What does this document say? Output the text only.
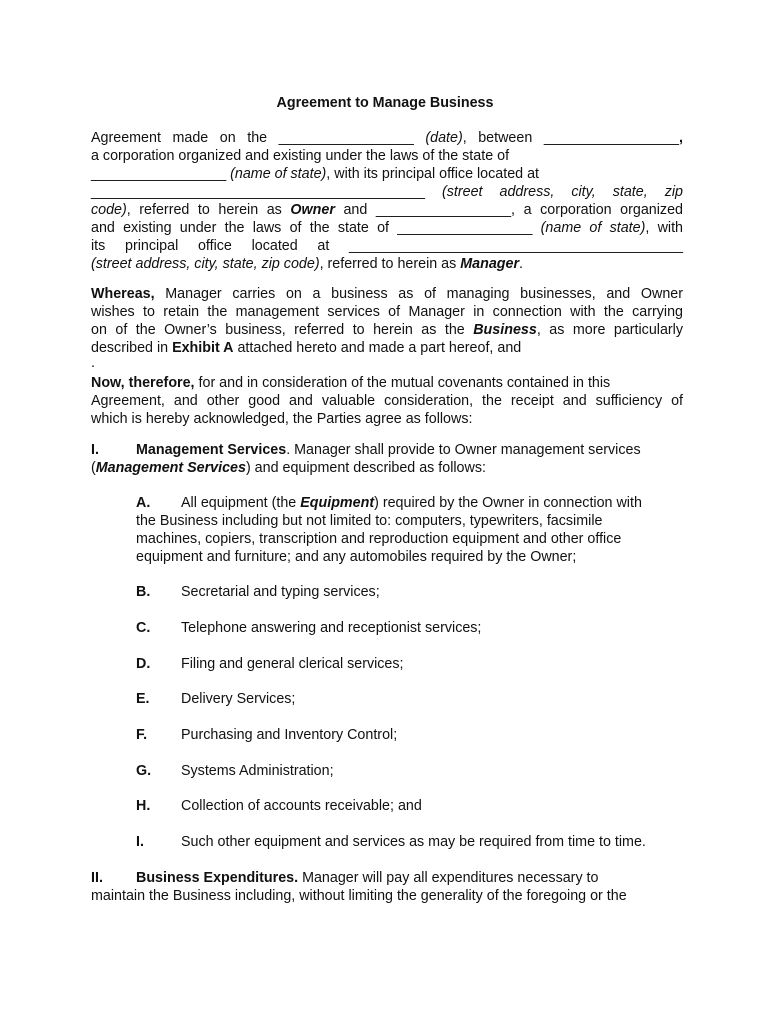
Agreement to Manage Business
Agreement made on the _________________ (date), between _________________,
a corporation organized and existing under the laws of the state of
_________________ (name of state), with its principal office located at
__________________________________________ (street address, city, state, zip
code), referred to herein as Owner and _________________, a corporation organized
and existing under the laws of the state of _________________ (name of state), with
its principal office located at __________________________________________
(street address, city, state, zip code), referred to herein as Manager.
Whereas, Manager carries on a business as of managing businesses, and Owner
wishes to retain the management services of Manager in connection with the carrying
on of the Owner’s business, referred to herein as the Business, as more particularly
described in Exhibit A attached hereto and made a part hereof, and
.
Now, therefore, for and in consideration of the mutual covenants contained in this
Agreement, and other good and valuable consideration, the receipt and sufficiency of
which is hereby acknowledged, the Parties agree as follows:
I.	Management Services. Manager shall provide to Owner management services
(Management Services) and equipment described as follows:
A. All equipment (the Equipment) required by the Owner in connection with
the Business including but not limited to: computers, typewriters, facsimile
machines, copiers, transcription and reproduction equipment and other office
equipment and furniture; and any automobiles required by the Owner;
B. Secretarial and typing services;
C. Telephone answering and receptionist services;
D. Filing and general clerical services;
E. Delivery Services;
F. Purchasing and Inventory Control;
G. Systems Administration;
H. Collection of accounts receivable; and
I.	Such other equipment and services as may be required from time to time.
II. Business Expenditures. Manager will pay all expenditures necessary to
maintain the Business including, without limiting the generality of the foregoing or the
